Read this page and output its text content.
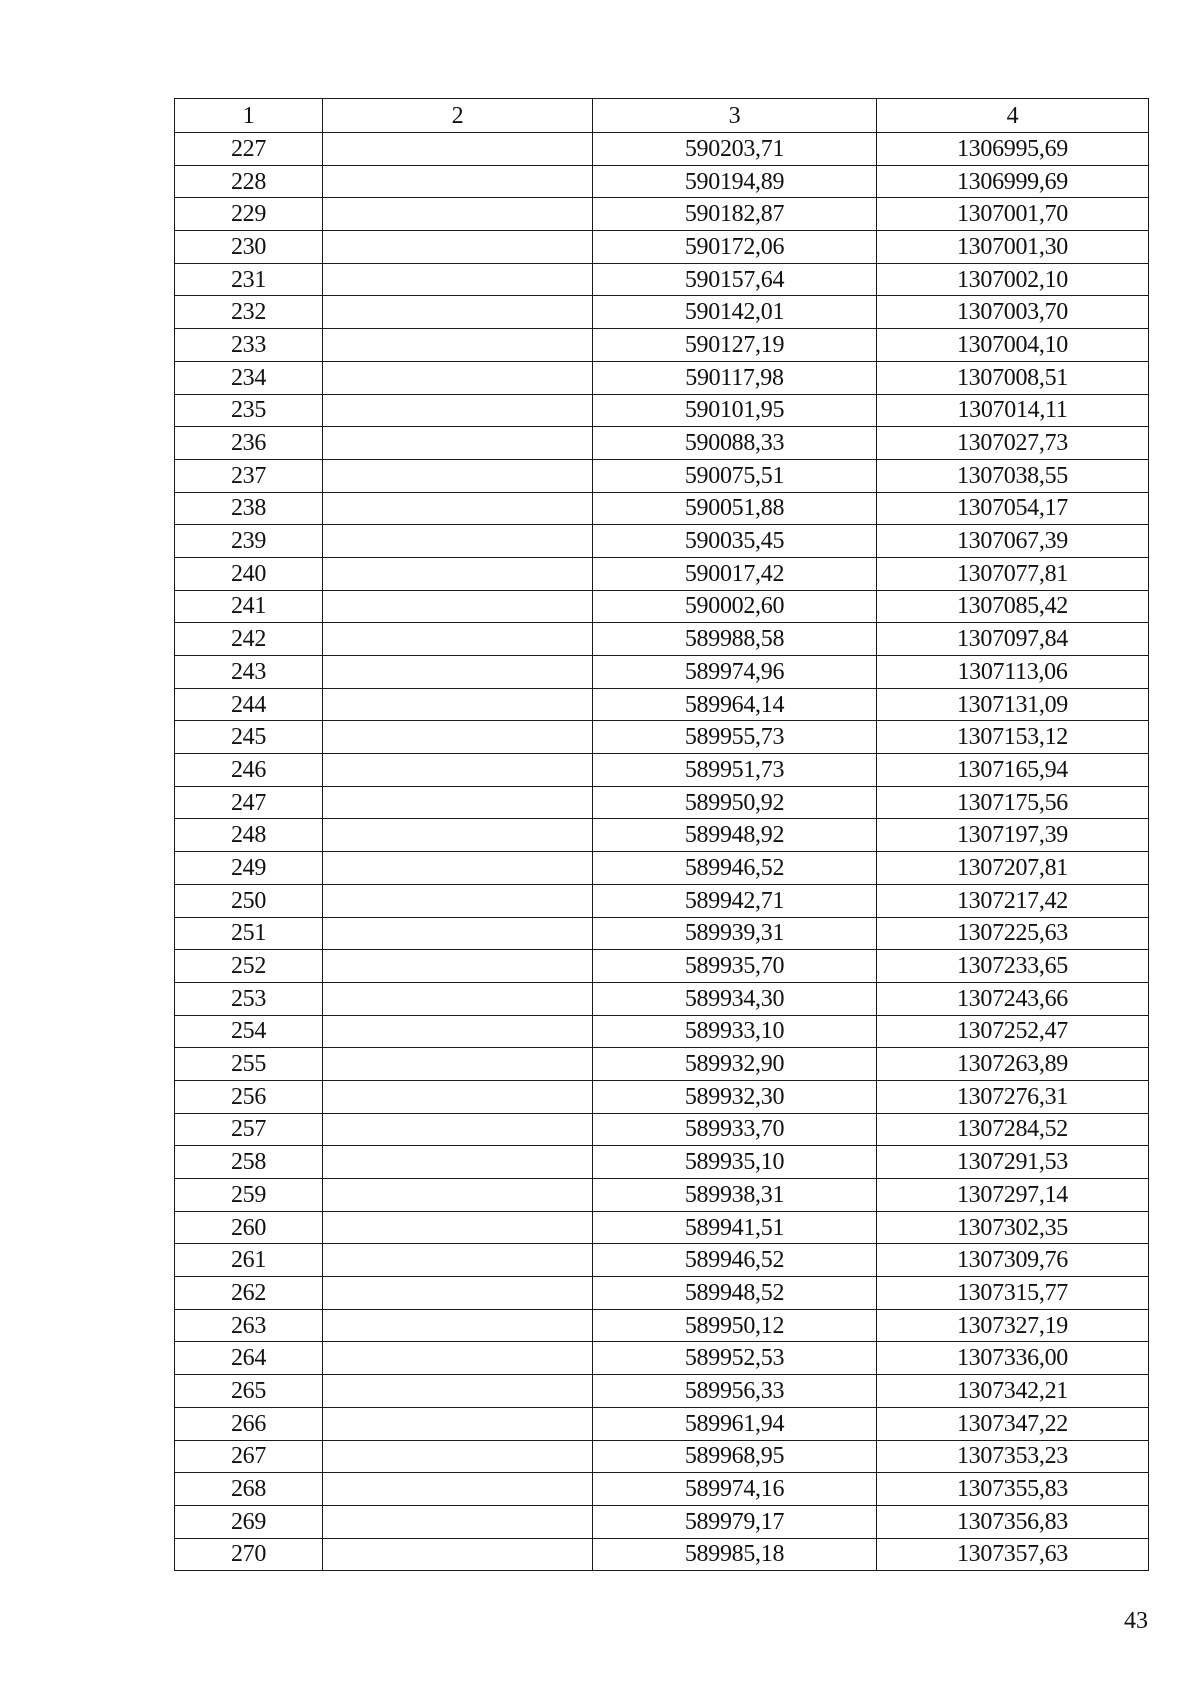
1	2	3	4
227		590203,71	1306995,69
228		590194,89	1306999,69
229		590182,87	1307001,70
230		590172,06	1307001,30
231		590157,64	1307002,10
232		590142,01	1307003,70
233		590127,19	1307004,10
234		590117,98	1307008,51
235		590101,95	1307014,11
236		590088,33	1307027,73
237		590075,51	1307038,55
238		590051,88	1307054,17
239		590035,45	1307067,39
240		590017,42	1307077,81
241		590002,60	1307085,42
242		589988,58	1307097,84
243		589974,96	1307113,06
244		589964,14	1307131,09
245		589955,73	1307153,12
246		589951,73	1307165,94
247		589950,92	1307175,56
248		589948,92	1307197,39
249		589946,52	1307207,81
250		589942,71	1307217,42
251		589939,31	1307225,63
252		589935,70	1307233,65
253		589934,30	1307243,66
254		589933,10	1307252,47
255		589932,90	1307263,89
256		589932,30	1307276,31
257		589933,70	1307284,52
258		589935,10	1307291,53
259		589938,31	1307297,14
260		589941,51	1307302,35
261		589946,52	1307309,76
262		589948,52	1307315,77
263		589950,12	1307327,19
264		589952,53	1307336,00
265		589956,33	1307342,21
266		589961,94	1307347,22
267		589968,95	1307353,23
268		589974,16	1307355,83
269		589979,17	1307356,83
270		589985,18	1307357,63
43
